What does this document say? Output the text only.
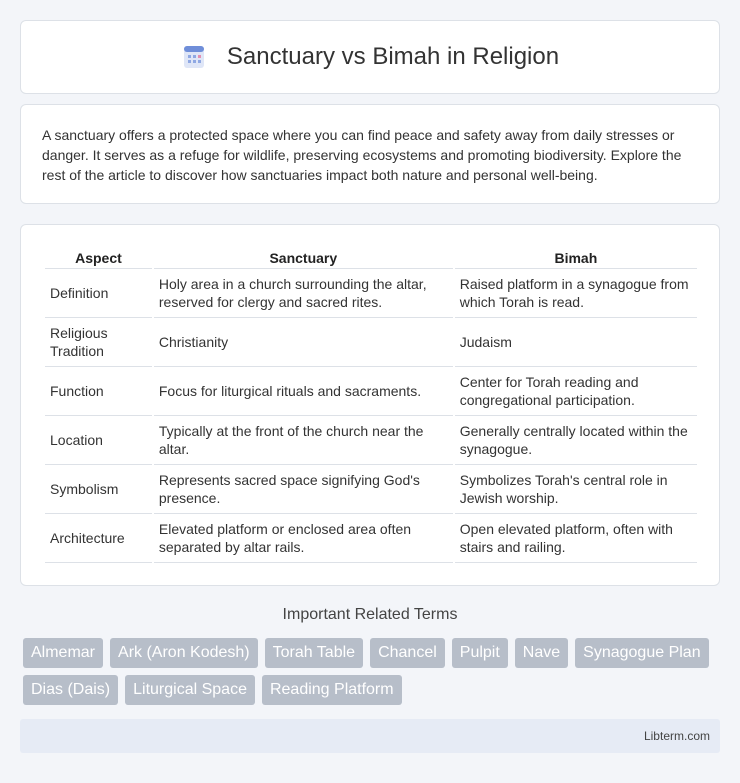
Sanctuary vs Bimah in Religion

A sanctuary offers a protected space where you can find peace and safety away from daily stresses or danger. It serves as a refuge for wildlife, preserving ecosystems and promoting biodiversity. Explore the rest of the article to discover how sanctuaries impact both nature and personal well-being.

Aspect	Sanctuary	Bimah
Definition	Holy area in a church surrounding the altar, reserved for clergy and sacred rites.	Raised platform in a synagogue from which Torah is read.
Religious Tradition	Christianity	Judaism
Function	Focus for liturgical rituals and sacraments.	Center for Torah reading and congregational participation.
Location	Typically at the front of the church near the altar.	Generally centrally located within the synagogue.
Symbolism	Represents sacred space signifying God's presence.	Symbolizes Torah's central role in Jewish worship.
Architecture	Elevated platform or enclosed area often separated by altar rails.	Open elevated platform, often with stairs and railing.
Important Related Terms
Almemar	Ark (Aron Kodesh)	Torah Table	Chancel	Pulpit	Nave	Synagogue Plan
Dias (Dais)	Liturgical Space	Reading Platform
Libterm.com
